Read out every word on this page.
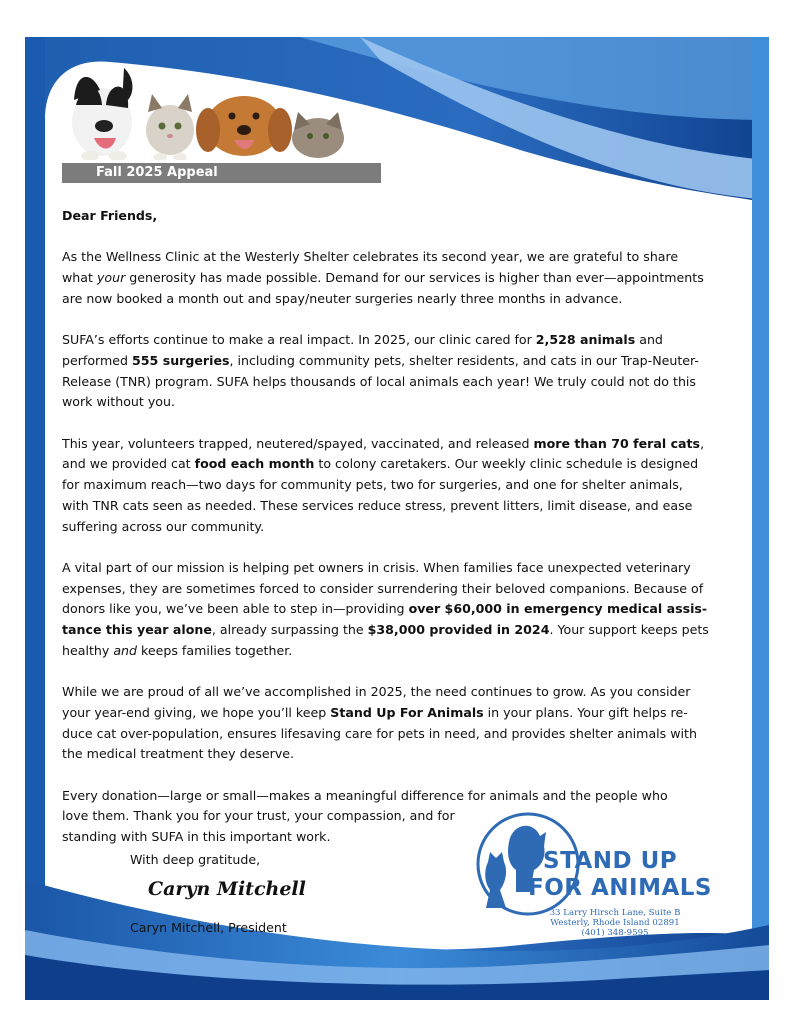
Fall 2025 Appeal

Dear Friends,

As the Wellness Clinic at the Westerly Shelter celebrates its second year, we are grateful to share what your generosity has made possible. Demand for our services is higher than ever—appointments are now booked a month out and spay/neuter surgeries nearly three months in advance.

SUFA’s efforts continue to make a real impact. In 2025, our clinic cared for 2,528 animals and performed 555 surgeries, including community pets, shelter residents, and cats in our Trap-Neuter-Release (TNR) program. SUFA helps thousands of local animals each year! We truly could not do this work without you.

This year, volunteers trapped, neutered/spayed, vaccinated, and released more than 70 feral cats, and we provided cat food each month to colony caretakers. Our weekly clinic schedule is designed for maximum reach—two days for community pets, two for surgeries, and one for shelter animals, with TNR cats seen as needed. These services reduce stress, prevent litters, limit disease, and ease suffering across our community.

A vital part of our mission is helping pet owners in crisis. When families face unexpected veterinary expenses, they are sometimes forced to consider surrendering their beloved companions. Because of donors like you, we’ve been able to step in—providing over $60,000 in emergency medical assis-tance this year alone, already surpassing the $38,000 provided in 2024. Your support keeps pets healthy and keeps families together.

While we are proud of all we’ve accomplished in 2025, the need continues to grow. As you consider your year-end giving, we hope you’ll keep Stand Up For Animals in your plans. Your gift helps re-duce cat over-population, ensures lifesaving care for pets in need, and provides shelter animals with the medical treatment they deserve.

Every donation—large or small—makes a meaningful difference for animals and the people who love them. Thank you for your trust, your compassion, and for
standing with SUFA in this important work.

With deep gratitude,
Caryn Mitchell
Caryn Mitchell, President
STAND UP
FOR ANIMALS
33 Larry Hirsch Lane, Suite B
Westerly, Rhode Island 02891
(401) 348-9595
